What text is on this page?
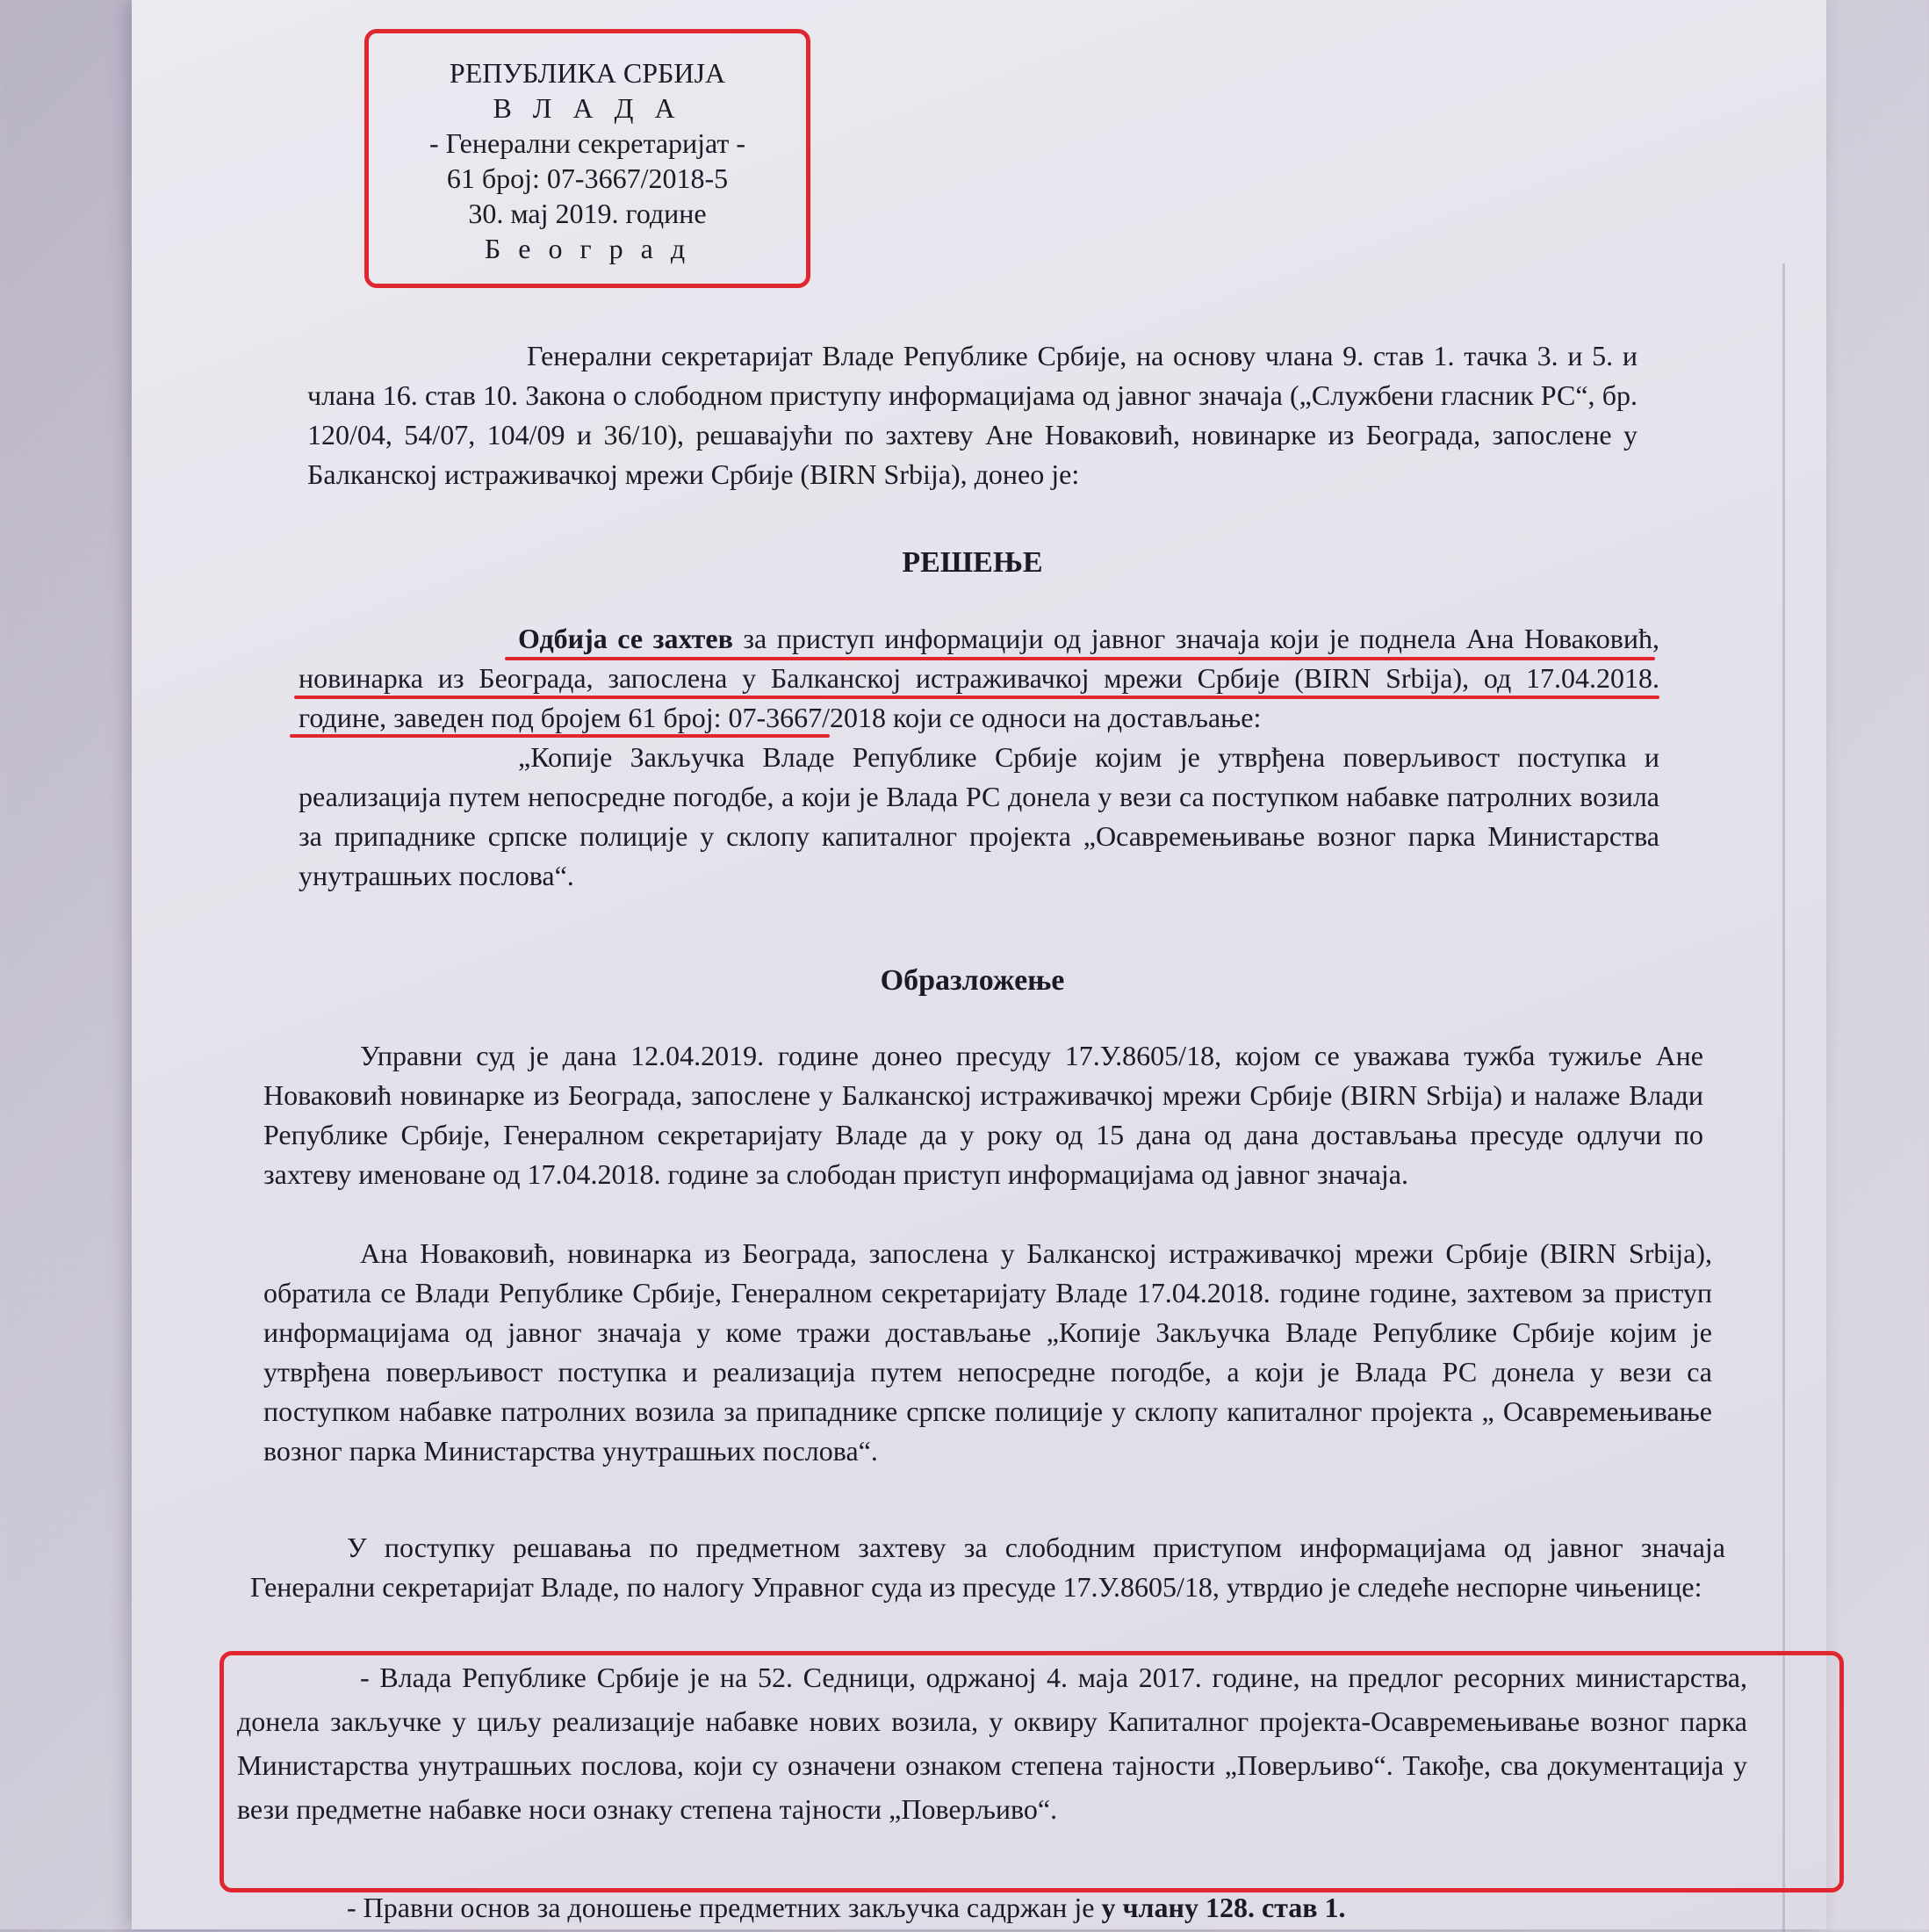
РЕПУБЛИКА СРБИЈА
В Л А Д А
- Генерални секретаријат -
61 број: 07-3667/2018-5
30. мај 2019. године
Б е о г р а д

Генерални секретаријат Владе Републике Србије, на основу члана 9. став 1. тачка 3. и 5. и члана 16. став 10. Закона о слободном приступу информацијама од јавног значаја („Службени гласник РС“, бр. 120/04, 54/07, 104/09 и 36/10), решавајући по захтеву Ане Новаковић, новинарке из Београда, запослене у Балканској истраживачкој мрежи Србије (BIRN Srbija), донео је:

РЕШЕЊЕ

Одбија се захтев за приступ информацији од јавног значаја који је поднела Ана Новаковић, новинарка из Београда, запослена у Балканској истраживачкој мрежи Србије (BIRN Srbija), од 17.04.2018. године, заведен под бројем 61 број: 07-3667/2018 који се односи на достављање:

„Копије Закључка Владе Републике Србије којим је утврђена поверљивост поступка и реализација путем непосредне погодбе, а који је Влада РС донела у вези са поступком набавке патролних возила за припаднике српске полиције у склопу капиталног пројекта „Осавремењивање возног парка Министарства унутрашњих послова“.

Образложење

Управни суд је дана 12.04.2019. године донео пресуду 17.У.8605/18, којом се уважава тужба тужиље Ане Новаковић новинарке из Београда, запослене у Балканској истраживачкој мрежи Србије (BIRN Srbija) и налаже Влади Републике Србије, Генералном секретаријату Владе да у року од 15 дана од дана достављања пресуде одлучи по захтеву именоване од 17.04.2018. године за слободан приступ информацијама од јавног значаја.

Ана Новаковић, новинарка из Београда, запослена у Балканској истраживачкој мрежи Србије (BIRN Srbija), обратила се Влади Републике Србије, Генералном секретаријату Владе 17.04.2018. године године, захтевом за приступ информацијама од јавног значаја у коме тражи достављање „Копије Закључка Владе Републике Србије којим је утврђена поверљивост поступка и реализација путем непосредне погодбе, а који је Влада РС донела у вези са поступком набавке патролних возила за припаднике српске полиције у склопу капиталног пројекта „ Осавремењивање возног парка Министарства унутрашњих послова“.

У поступку решавања по предметном захтеву за слободним приступом информацијама од јавног значаја Генерални секретаријат Владе, по налогу Управног суда из пресуде 17.У.8605/18, утврдио је следеће неспорне чињенице:

- Влада Републике Србије је на 52. Седници, одржаној 4. маја 2017. године, на предлог ресорних министарства, донела закључке у циљу реализације набавке нових возила, у оквиру Капиталног пројекта-Осавремењивање возног парка Министарства унутрашњих послова, који су означени ознаком степена тајности „Поверљиво“. Такође, сва документација у вези предметне набавке носи ознаку степена тајности „Поверљиво“.

- Правни основ за доношење предметних закључка садржан је у члану 128. став 1.
